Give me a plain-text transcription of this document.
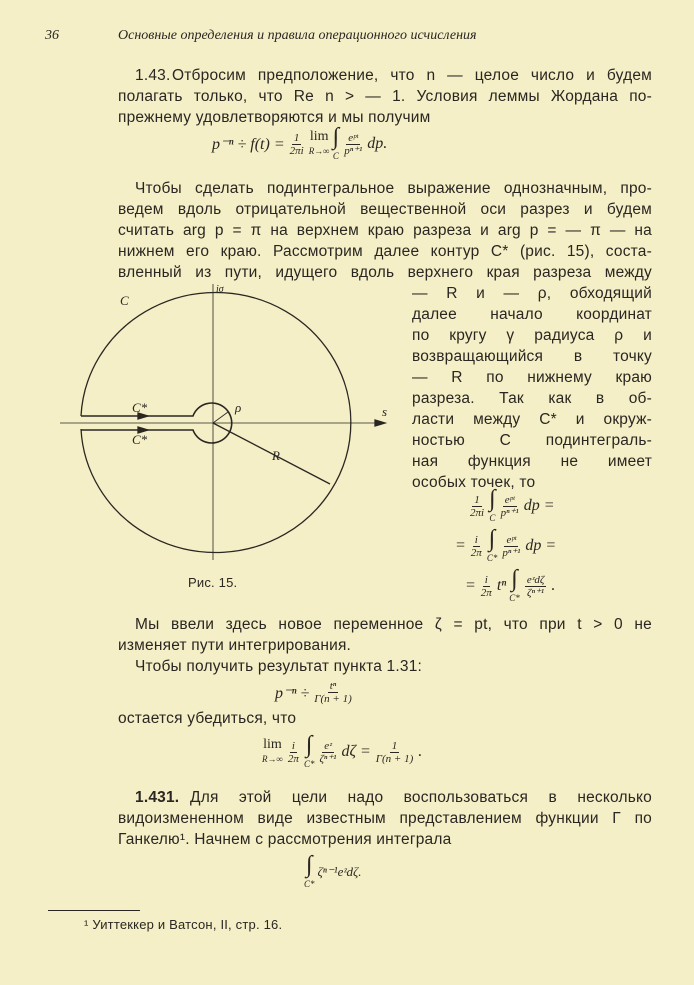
36	Основные определения и правила операционного исчисления
1.43. Отбросим предположение, что n — целое число и будем
полагать только, что Re n > — 1. Условия леммы Жордана по-
прежнему удовлетворяются и мы получим
$p^{-n} \div f(t) = \frac{1}{2\pi i}$ lim
R→∞
∫
C
eᵖᵗ
pⁿ⁺¹ dp.
Чтобы сделать подинтегральное выражение однозначным, про-
ведем вдоль отрицательной вещественной оси разрез и будем
считать arg p = π на верхнем краю разреза и arg p = — π — на
нижнем его краю. Рассмотрим далее контур C* (рис. 15), соста-
вленный из пути, идущего вдоль верхнего края разреза между
— R и — ρ, обходящий
далее начало координат
по кругу γ радиуса ρ и
возвращающийся в точку
— R по нижнему краю
разреза. Так как в об-
ласти между C* и окруж-
ностью C подинтеграль-
ная функция не имеет
особых точек, то
1
2πi
∫
C
eᵖᵗ
pⁿ⁺¹ dp =
= $\frac{i}{2\pi}$ ∫
C*
eᵖᵗ
pⁿ⁺¹ dp =
= $\frac{i}{2\pi}$ tⁿ ∫
C*
eᶻdζ
ζⁿ⁺¹ .
C
C*
C*
ρ
R
s
iσ
Рис. 15.
Мы ввели здесь новое переменное ζ = pt, что при t > 0 не
изменяет пути интегрирования.
Чтобы получить результат пункта 1.31:
$p^{-n} \div \frac{\text{tⁿ}}{\Gamma(n + 1)}$
остается убедиться, что
lim
R→∞
i
2π
∫
C*
eᶻ
ζⁿ⁺¹ $d\zeta = \frac{1}{\Gamma(n + 1)}$ .
1.431. Для этой цели надо воспользоваться в несколько
видоизмененном виде известным представлением функции Γ по
Ганкелю¹. Начнем с рассмотрения интеграла
∫
C*
ζⁿ⁻¹eᶻdζ.
¹ Уиттеккер и Ватсон, II, стр. 16.
